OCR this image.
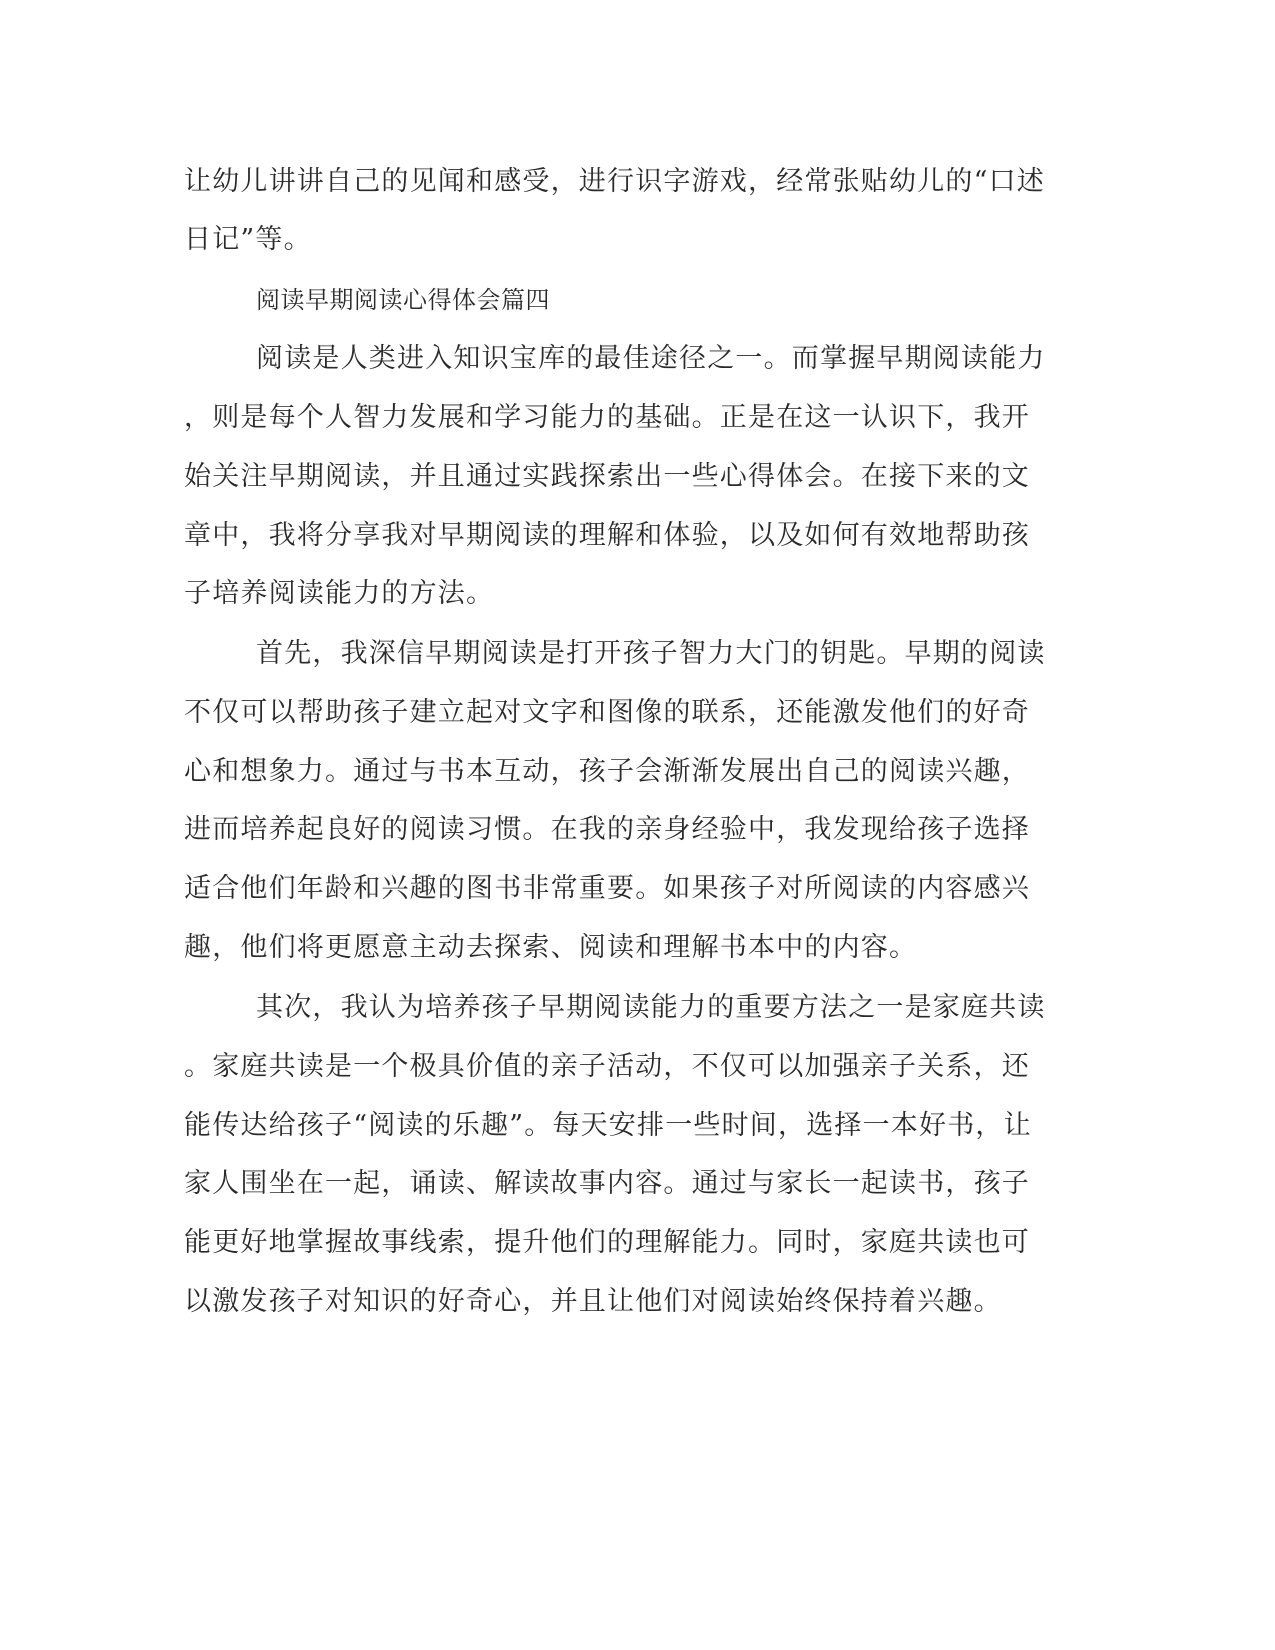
让幼儿讲讲自己的见闻和感受，进行识字游戏，经常张贴幼儿的“口述
日记”等。
阅读早期阅读心得体会篇四
阅读是人类进入知识宝库的最佳途径之一。而掌握早期阅读能力
，则是每个人智力发展和学习能力的基础。正是在这一认识下，我开
始关注早期阅读，并且通过实践探索出一些心得体会。在接下来的文
章中，我将分享我对早期阅读的理解和体验，以及如何有效地帮助孩
子培养阅读能力的方法。
首先，我深信早期阅读是打开孩子智力大门的钥匙。早期的阅读
不仅可以帮助孩子建立起对文字和图像的联系，还能激发他们的好奇
心和想象力。通过与书本互动，孩子会渐渐发展出自己的阅读兴趣，
进而培养起良好的阅读习惯。在我的亲身经验中，我发现给孩子选择
适合他们年龄和兴趣的图书非常重要。如果孩子对所阅读的内容感兴
趣，他们将更愿意主动去探索、阅读和理解书本中的内容。
其次，我认为培养孩子早期阅读能力的重要方法之一是家庭共读
。家庭共读是一个极具价值的亲子活动，不仅可以加强亲子关系，还
能传达给孩子“阅读的乐趣”。每天安排一些时间，选择一本好书，让
家人围坐在一起，诵读、解读故事内容。通过与家长一起读书，孩子
能更好地掌握故事线索，提升他们的理解能力。同时，家庭共读也可
以激发孩子对知识的好奇心，并且让他们对阅读始终保持着兴趣。
